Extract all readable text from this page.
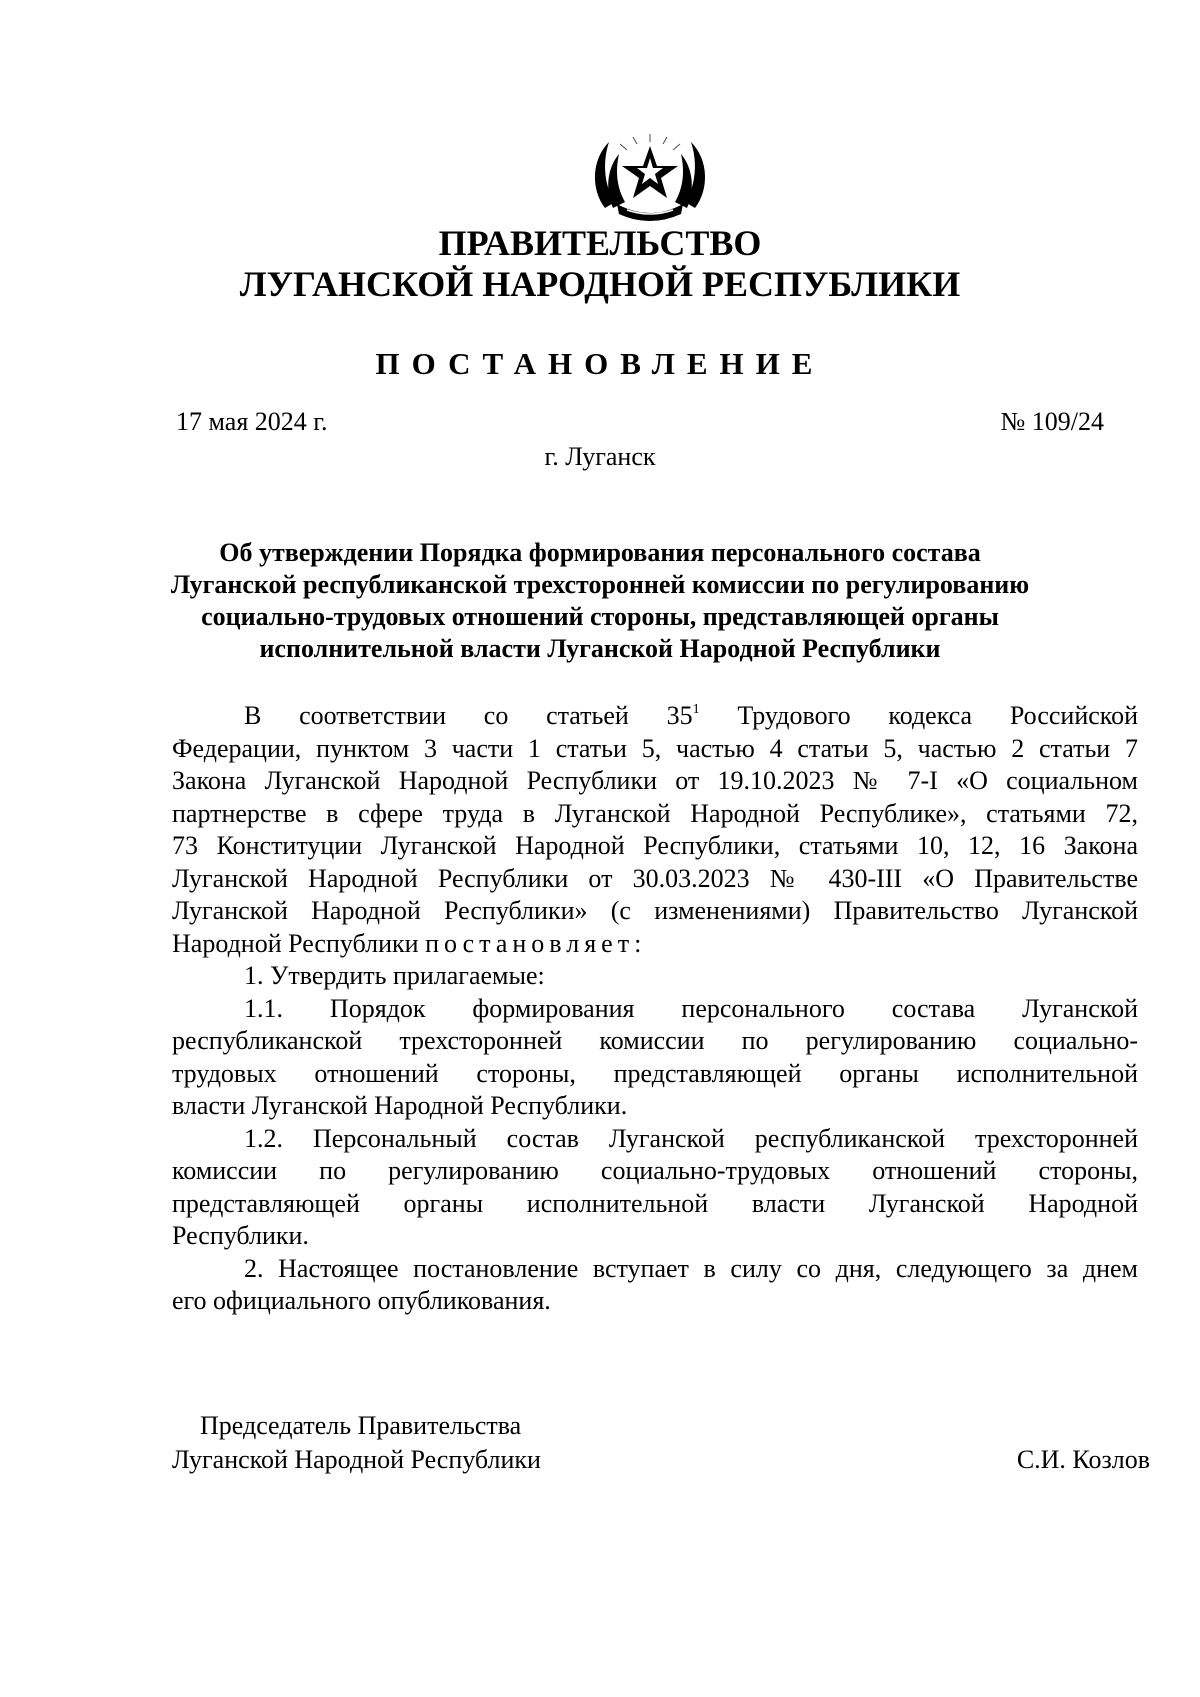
ПРАВИТЕЛЬСТВО
ЛУГАНСКОЙ НАРОДНОЙ РЕСПУБЛИКИ
ПОСТАНОВЛЕНИЕ
17 мая 2024 г.	№ 109/24
г. Луганск
Об утверждении Порядка формирования персонального состава
Луганской республиканской трехсторонней комиссии по регулированию
социально-трудовых отношений стороны, представляющей органы
исполнительной власти Луганской Народной Республики
В соответствии со статьей $35^1$ Трудового кодекса Российской
Федерации, пунктом 3 части 1 статьи 5, частью 4 статьи 5, частью 2 статьи 7
Закона Луганской Народной Республики от 19.10.2023 № 7-I «О социальном
партнерстве в сфере труда в Луганской Народной Республике», статьями 72,
73 Конституции Луганской Народной Республики, статьями 10, 12, 16 Закона
Луганской Народной Республики от 30.03.2023 № 430-III «О Правительстве
Луганской Народной Республики» (с изменениями) Правительство Луганской
Народной Республики постановляет:
1. Утвердить прилагаемые:
1.1. Порядок формирования персонального состава Луганской
республиканской трехсторонней комиссии по регулированию социально-
трудовых отношений стороны, представляющей органы исполнительной
власти Луганской Народной Республики.
1.2. Персональный состав Луганской республиканской трехсторонней
комиссии по регулированию социально-трудовых отношений стороны,
представляющей органы исполнительной власти Луганской Народной
Республики.
2. Настоящее постановление вступает в силу со дня, следующего за днем
его официального опубликования.
Председатель Правительства
Луганской Народной Республики	С.И. Козлов
